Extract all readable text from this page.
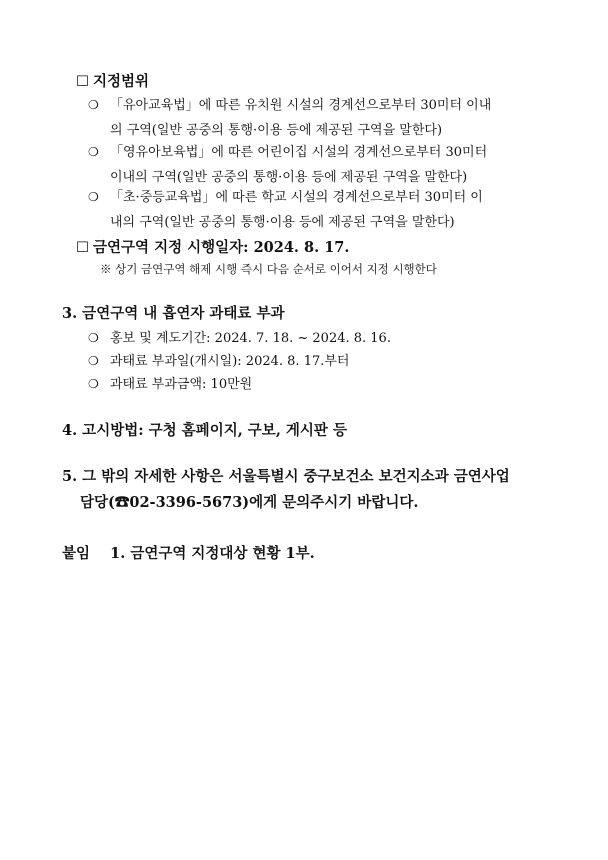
☐ 지정범위
❍ 「유아교육법」에 따른 유치원 시설의 경계선으로부터 30미터 이내
의 구역(일반 공중의 통행·이용 등에 제공된 구역을 말한다)
❍ 「영유아보육법」에 따른 어린이집 시설의 경계선으로부터 30미터
이내의 구역(일반 공중의 통행·이용 등에 제공된 구역을 말한다)
❍ 「초·중등교육법」에 따른 학교 시설의 경계선으로부터 30미터 이
내의 구역(일반 공중의 통행·이용 등에 제공된 구역을 말한다)
☐ 금연구역 지정 시행일자: 2024. 8. 17.
※ 상기 금연구역 해제 시행 즉시 다음 순서로 이어서 지정 시행한다
3. 금연구역 내 흡연자 과태료 부과
❍ 홍보 및 계도기간: 2024. 7. 18. ~ 2024. 8. 16.
❍ 과태료 부과일(개시일): 2024. 8. 17.부터
❍ 과태료 부과금액: 10만원
4. 고시방법: 구청 홈페이지, 구보, 게시판 등
5. 그 밖의 자세한 사항은 서울특별시 중구보건소 보건지소과 금연사업
담당(☎02-3396-5673)에게 문의주시기 바랍니다.
붙임 1. 금연구역 지정대상 현황 1부.
